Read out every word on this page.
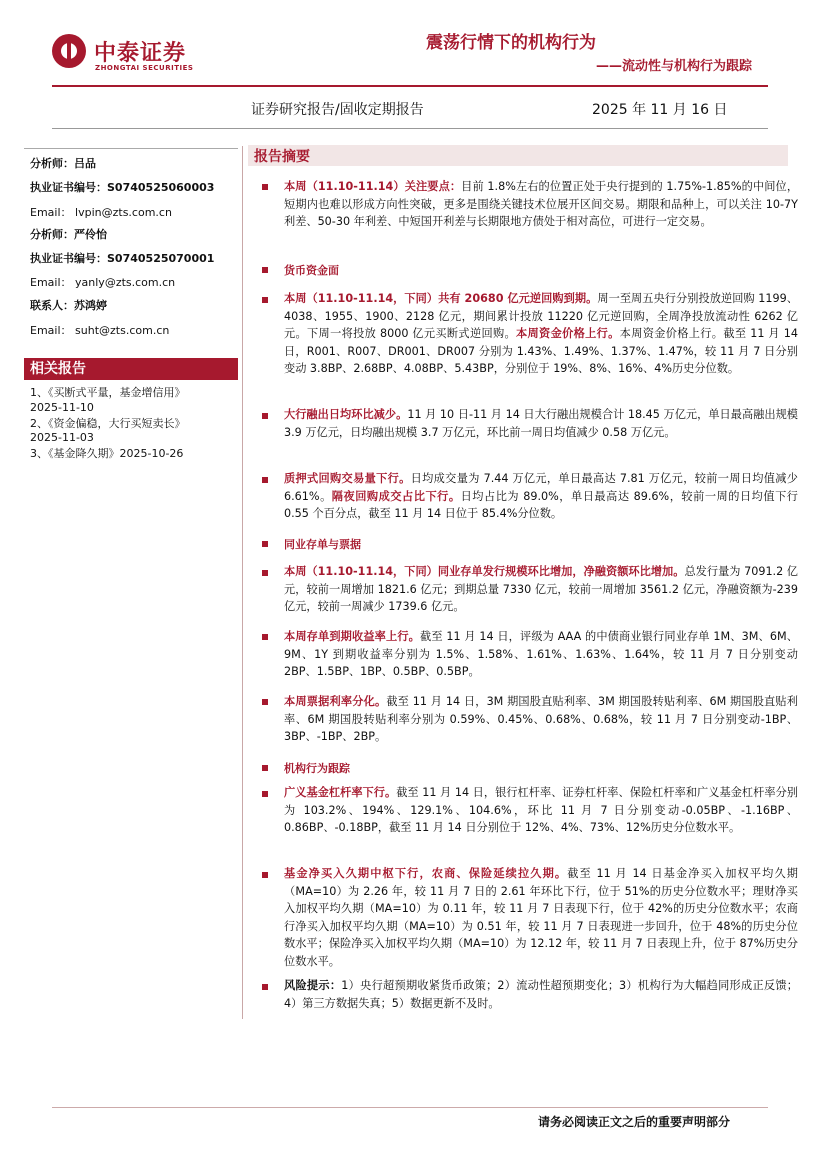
中泰证券
ZHONGTAI SECURITIES
震荡行情下的机构行为
——流动性与机构行为跟踪
证券研究报告/固收定期报告	2025 年 11 月 16 日
分析师：吕品
执业证书编号：S0740525060003
Email： lvpin@zts.com.cn
分析师：严伶怡
执业证书编号：S0740525070001
Email： yanly@zts.com.cn
联系人：苏鸿婷
Email： suht@zts.com.cn
相关报告
1、《买断式平量，基金增信用》
2025-11-10
2、《资金偏稳，大行买短卖长》
2025-11-03
3、《基金降久期》2025-10-26
报告摘要
本周（11.10-11.14）关注要点：目前 1.8%左右的位置正处于央行提到的 1.75%-1.85%的中间位，短期内也难以形成方向性突破，更多是围绕关键技术位展开区间交易。期限和品种上，可以关注 10-7Y 利差、50-30 年利差、中短国开利差与长期限地方债处于相对高位，可进行一定交易。
货币资金面
本周（11.10-11.14，下同）共有 20680 亿元逆回购到期。周一至周五央行分别投放逆回购 1199、4038、1955、1900、2128 亿元，期间累计投放 11220 亿元逆回购，全周净投放流动性 6262 亿元。下周一将投放 8000 亿元买断式逆回购。本周资金价格上行。本周资金价格上行。截至 11 月 14 日，R001、R007、DR001、DR007 分别为 1.43%、1.49%、1.37%、1.47%，较 11 月 7 日分别变动 3.8BP、2.68BP、4.08BP、5.43BP，分别位于 19%、8%、16%、4%历史分位数。
大行融出日均环比减少。11 月 10 日-11 月 14 日大行融出规模合计 18.45 万亿元，单日最高融出规模 3.9 万亿元，日均融出规模 3.7 万亿元，环比前一周日均值减少 0.58 万亿元。
质押式回购交易量下行。日均成交量为 7.44 万亿元，单日最高达 7.81 万亿元，较前一周日均值减少 6.61%。隔夜回购成交占比下行。日均占比为 89.0%，单日最高达 89.6%，较前一周的日均值下行 0.55 个百分点，截至 11 月 14 日位于 85.4%分位数。
同业存单与票据
本周（11.10-11.14，下同）同业存单发行规模环比增加，净融资额环比增加。总发行量为 7091.2 亿元，较前一周增加 1821.6 亿元；到期总量 7330 亿元，较前一周增加 3561.2 亿元，净融资额为-239 亿元，较前一周减少 1739.6 亿元。
本周存单到期收益率上行。截至 11 月 14 日，评级为 AAA 的中债商业银行同业存单 1M、3M、6M、9M、1Y 到期收益率分别为 1.5%、1.58%、1.61%、1.63%、1.64%，较 11 月 7 日分别变动 2BP、1.5BP、1BP、0.5BP、0.5BP。
本周票据利率分化。截至 11 月 14 日，3M 期国股直贴利率、3M 期国股转贴利率、6M 期国股直贴利率、6M 期国股转贴利率分别为 0.59%、0.45%、0.68%、0.68%，较 11 月 7 日分别变动-1BP、3BP、-1BP、2BP。
机构行为跟踪
广义基金杠杆率下行。截至 11 月 14 日，银行杠杆率、证券杠杆率、保险杠杆率和广义基金杠杆率分别为 103.2%、194%、129.1%、104.6%，环比 11 月 7 日分别变动-0.05BP、-1.16BP、0.86BP、-0.18BP，截至 11 月 14 日分别位于 12%、4%、73%、12%历史分位数水平。
基金净买入久期中枢下行，农商、保险延续拉久期。截至 11 月 14 日基金净买入加权平均久期（MA=10）为 2.26 年，较 11 月 7 日的 2.61 年环比下行，位于 51%的历史分位数水平；理财净买入加权平均久期（MA=10）为 0.11 年，较 11 月 7 日表现下行，位于 42%的历史分位数水平；农商行净买入加权平均久期（MA=10）为 0.51 年，较 11 月 7 日表现进一步回升，位于 48%的历史分位数水平；保险净买入加权平均久期（MA=10）为 12.12 年，较 11 月 7 日表现上升，位于 87%历史分位数水平。
风险提示：1）央行超预期收紧货币政策；2）流动性超预期变化；3）机构行为大幅趋同形成正反馈；4）第三方数据失真；5）数据更新不及时。
请务必阅读正文之后的重要声明部分
